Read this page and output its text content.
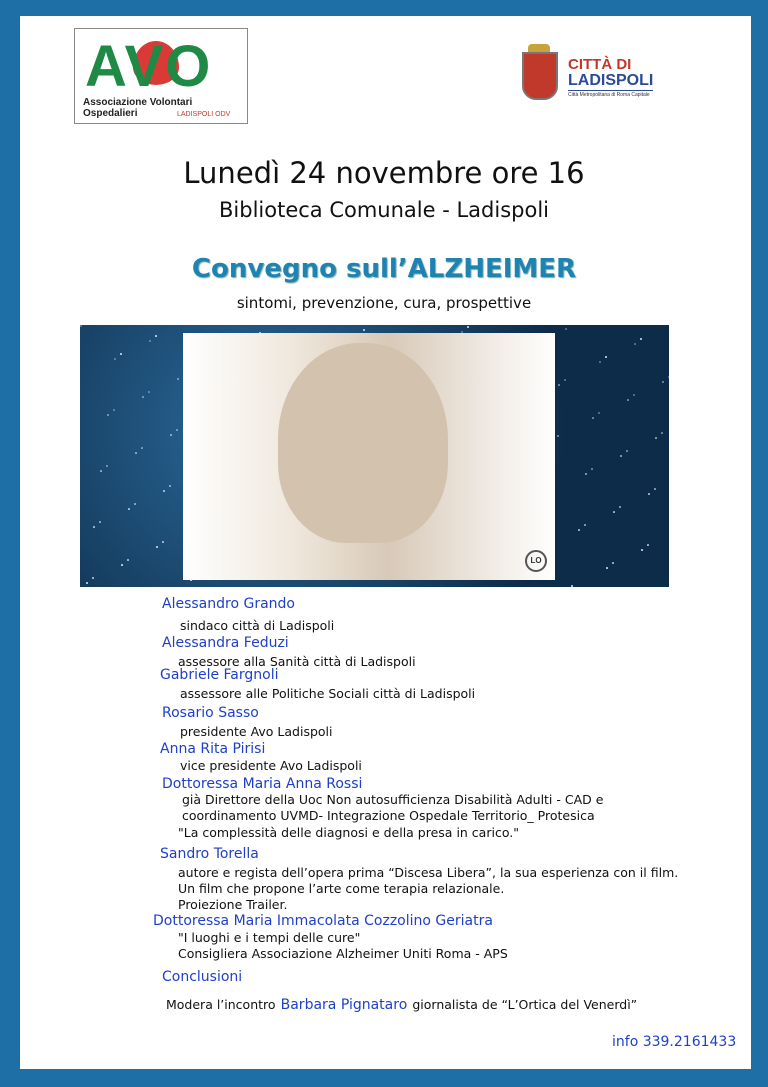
AVO
Associazione Volontari Ospedalieri	LADISPOLI ODV
CITTÀ DI
LADISPOLI
Città Metropolitana di Roma Capitale
Lunedì 24 novembre ore 16
Biblioteca Comunale - Ladispoli
Convegno sull’ALZHEIMER
sintomi, prevenzione, cura, prospettive
LO
Alessandro Grando
sindaco città di Ladispoli
Alessandra Feduzi
assessore alla Sanità città di Ladispoli
Gabriele Fargnoli
assessore alle Politiche Sociali città di Ladispoli
Rosario Sasso
presidente Avo Ladispoli
Anna Rita Pirisi
vice presidente Avo Ladispoli
Dottoressa Maria Anna Rossi
già Direttore della Uoc Non autosufficienza Disabilità Adulti - CAD e
coordinamento UVMD- Integrazione Ospedale Territorio_ Protesica
"La complessità delle diagnosi e della presa in carico."
Sandro Torella
autore e regista dell’opera prima “Discesa Libera”, la sua esperienza con il film.
Un film che propone l’arte come terapia relazionale.
Proiezione Trailer.
Dottoressa Maria Immacolata Cozzolino Geriatra
"I luoghi e i tempi delle cure"
Consigliera Associazione Alzheimer Uniti Roma - APS
Conclusioni
Modera l’incontro Barbara Pignataro giornalista de “L’Ortica del Venerdì”
info 339.2161433
